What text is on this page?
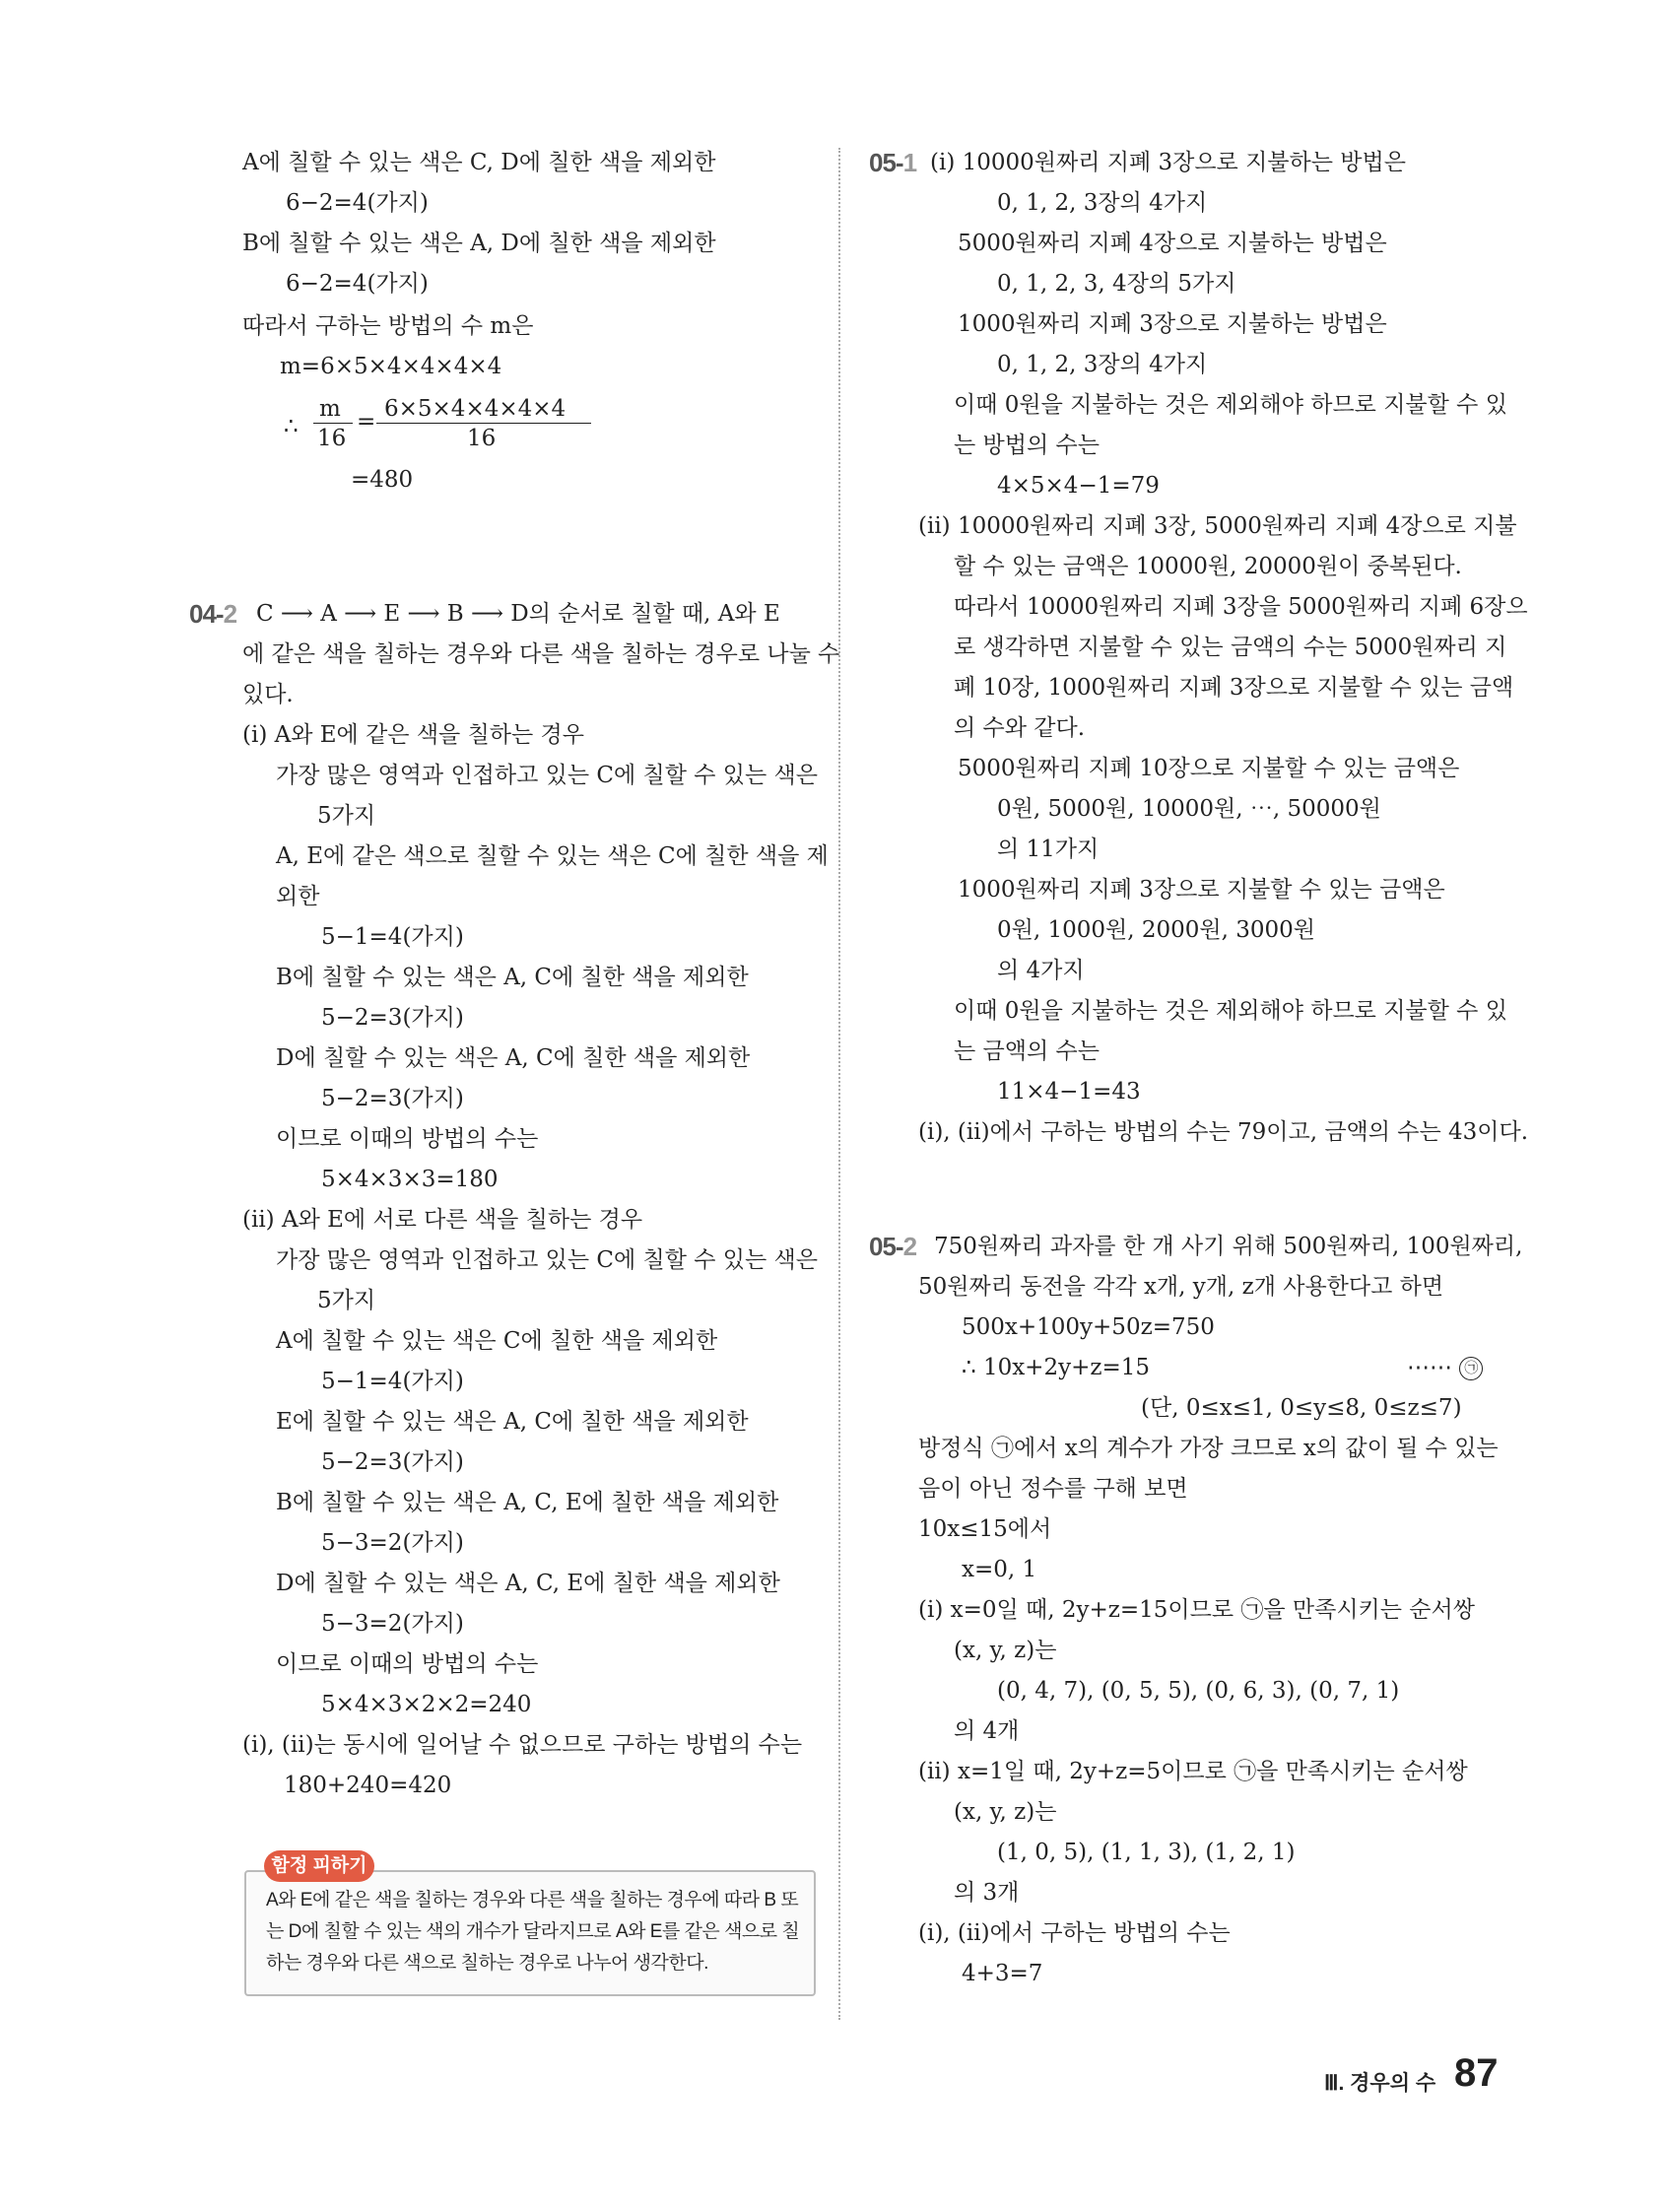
A에 칠할 수 있는 색은 C, D에 칠한 색을 제외한
6−2=4(가지)
B에 칠할 수 있는 색은 A, D에 칠한 색을 제외한
6−2=4(가지)
따라서 구하는 방법의 수 m은
m=6×5×4×4×4×4
∴
m
16
= 6×5×4×4×4×4
16
=480
04-2 C ⟶ A ⟶ E ⟶ B ⟶ D의 순서로 칠할 때, A와 E
에 같은 색을 칠하는 경우와 다른 색을 칠하는 경우로 나눌 수
있다.
(ⅰ) A와 E에 같은 색을 칠하는 경우
가장 많은 영역과 인접하고 있는 C에 칠할 수 있는 색은
5가지
A, E에 같은 색으로 칠할 수 있는 색은 C에 칠한 색을 제
외한
5−1=4(가지)
B에 칠할 수 있는 색은 A, C에 칠한 색을 제외한
5−2=3(가지)
D에 칠할 수 있는 색은 A, C에 칠한 색을 제외한
5−2=3(가지)
이므로 이때의 방법의 수는
5×4×3×3=180
(ⅱ) A와 E에 서로 다른 색을 칠하는 경우
가장 많은 영역과 인접하고 있는 C에 칠할 수 있는 색은
5가지
A에 칠할 수 있는 색은 C에 칠한 색을 제외한
5−1=4(가지)
E에 칠할 수 있는 색은 A, C에 칠한 색을 제외한
5−2=3(가지)
B에 칠할 수 있는 색은 A, C, E에 칠한 색을 제외한
5−3=2(가지)
D에 칠할 수 있는 색은 A, C, E에 칠한 색을 제외한
5−3=2(가지)
이므로 이때의 방법의 수는
5×4×3×2×2=240
(ⅰ), (ⅱ)는 동시에 일어날 수 없으므로 구하는 방법의 수는
180+240=420
함정 피하기
A와 E에 같은 색을 칠하는 경우와 다른 색을 칠하는 경우에 따라 B 또
는 D에 칠할 수 있는 색의 개수가 달라지므로 A와 E를 같은 색으로 칠
하는 경우와 다른 색으로 칠하는 경우로 나누어 생각한다.
05-1 (ⅰ) 10000원짜리 지폐 3장으로 지불하는 방법은
0, 1, 2, 3장의 4가지
5000원짜리 지폐 4장으로 지불하는 방법은
0, 1, 2, 3, 4장의 5가지
1000원짜리 지폐 3장으로 지불하는 방법은
0, 1, 2, 3장의 4가지
이때 0원을 지불하는 것은 제외해야 하므로 지불할 수 있
는 방법의 수는
4×5×4−1=79
(ⅱ) 10000원짜리 지폐 3장, 5000원짜리 지폐 4장으로 지불
할 수 있는 금액은 10000원, 20000원이 중복된다.
따라서 10000원짜리 지폐 3장을 5000원짜리 지폐 6장으
로 생각하면 지불할 수 있는 금액의 수는 5000원짜리 지
폐 10장, 1000원짜리 지폐 3장으로 지불할 수 있는 금액
의 수와 같다.
5000원짜리 지폐 10장으로 지불할 수 있는 금액은
0원, 5000원, 10000원, ⋯, 50000원
의 11가지
1000원짜리 지폐 3장으로 지불할 수 있는 금액은
0원, 1000원, 2000원, 3000원
의 4가지
이때 0원을 지불하는 것은 제외해야 하므로 지불할 수 있
는 금액의 수는
11×4−1=43
(ⅰ), (ⅱ)에서 구하는 방법의 수는 79이고, 금액의 수는 43이다.
05-2 750원짜리 과자를 한 개 사기 위해 500원짜리, 100원짜리,
50원짜리 동전을 각각 x개, y개, z개 사용한다고 하면
500x+100y+50z=750
∴ 10x+2y+z=15	⋯⋯ ㉠
(단, 0≤x≤1, 0≤y≤8, 0≤z≤7)
방정식 ㉠에서 x의 계수가 가장 크므로 x의 값이 될 수 있는
음이 아닌 정수를 구해 보면
10x≤15에서
x=0, 1
(ⅰ) x=0일 때, 2y+z=15이므로 ㉠을 만족시키는 순서쌍
(x, y, z)는
(0, 4, 7), (0, 5, 5), (0, 6, 3), (0, 7, 1)
의 4개
(ⅱ) x=1일 때, 2y+z=5이므로 ㉠을 만족시키는 순서쌍
(x, y, z)는
(1, 0, 5), (1, 1, 3), (1, 2, 1)
의 3개
(ⅰ), (ⅱ)에서 구하는 방법의 수는
4+3=7
Ⅲ. 경우의 수 87
